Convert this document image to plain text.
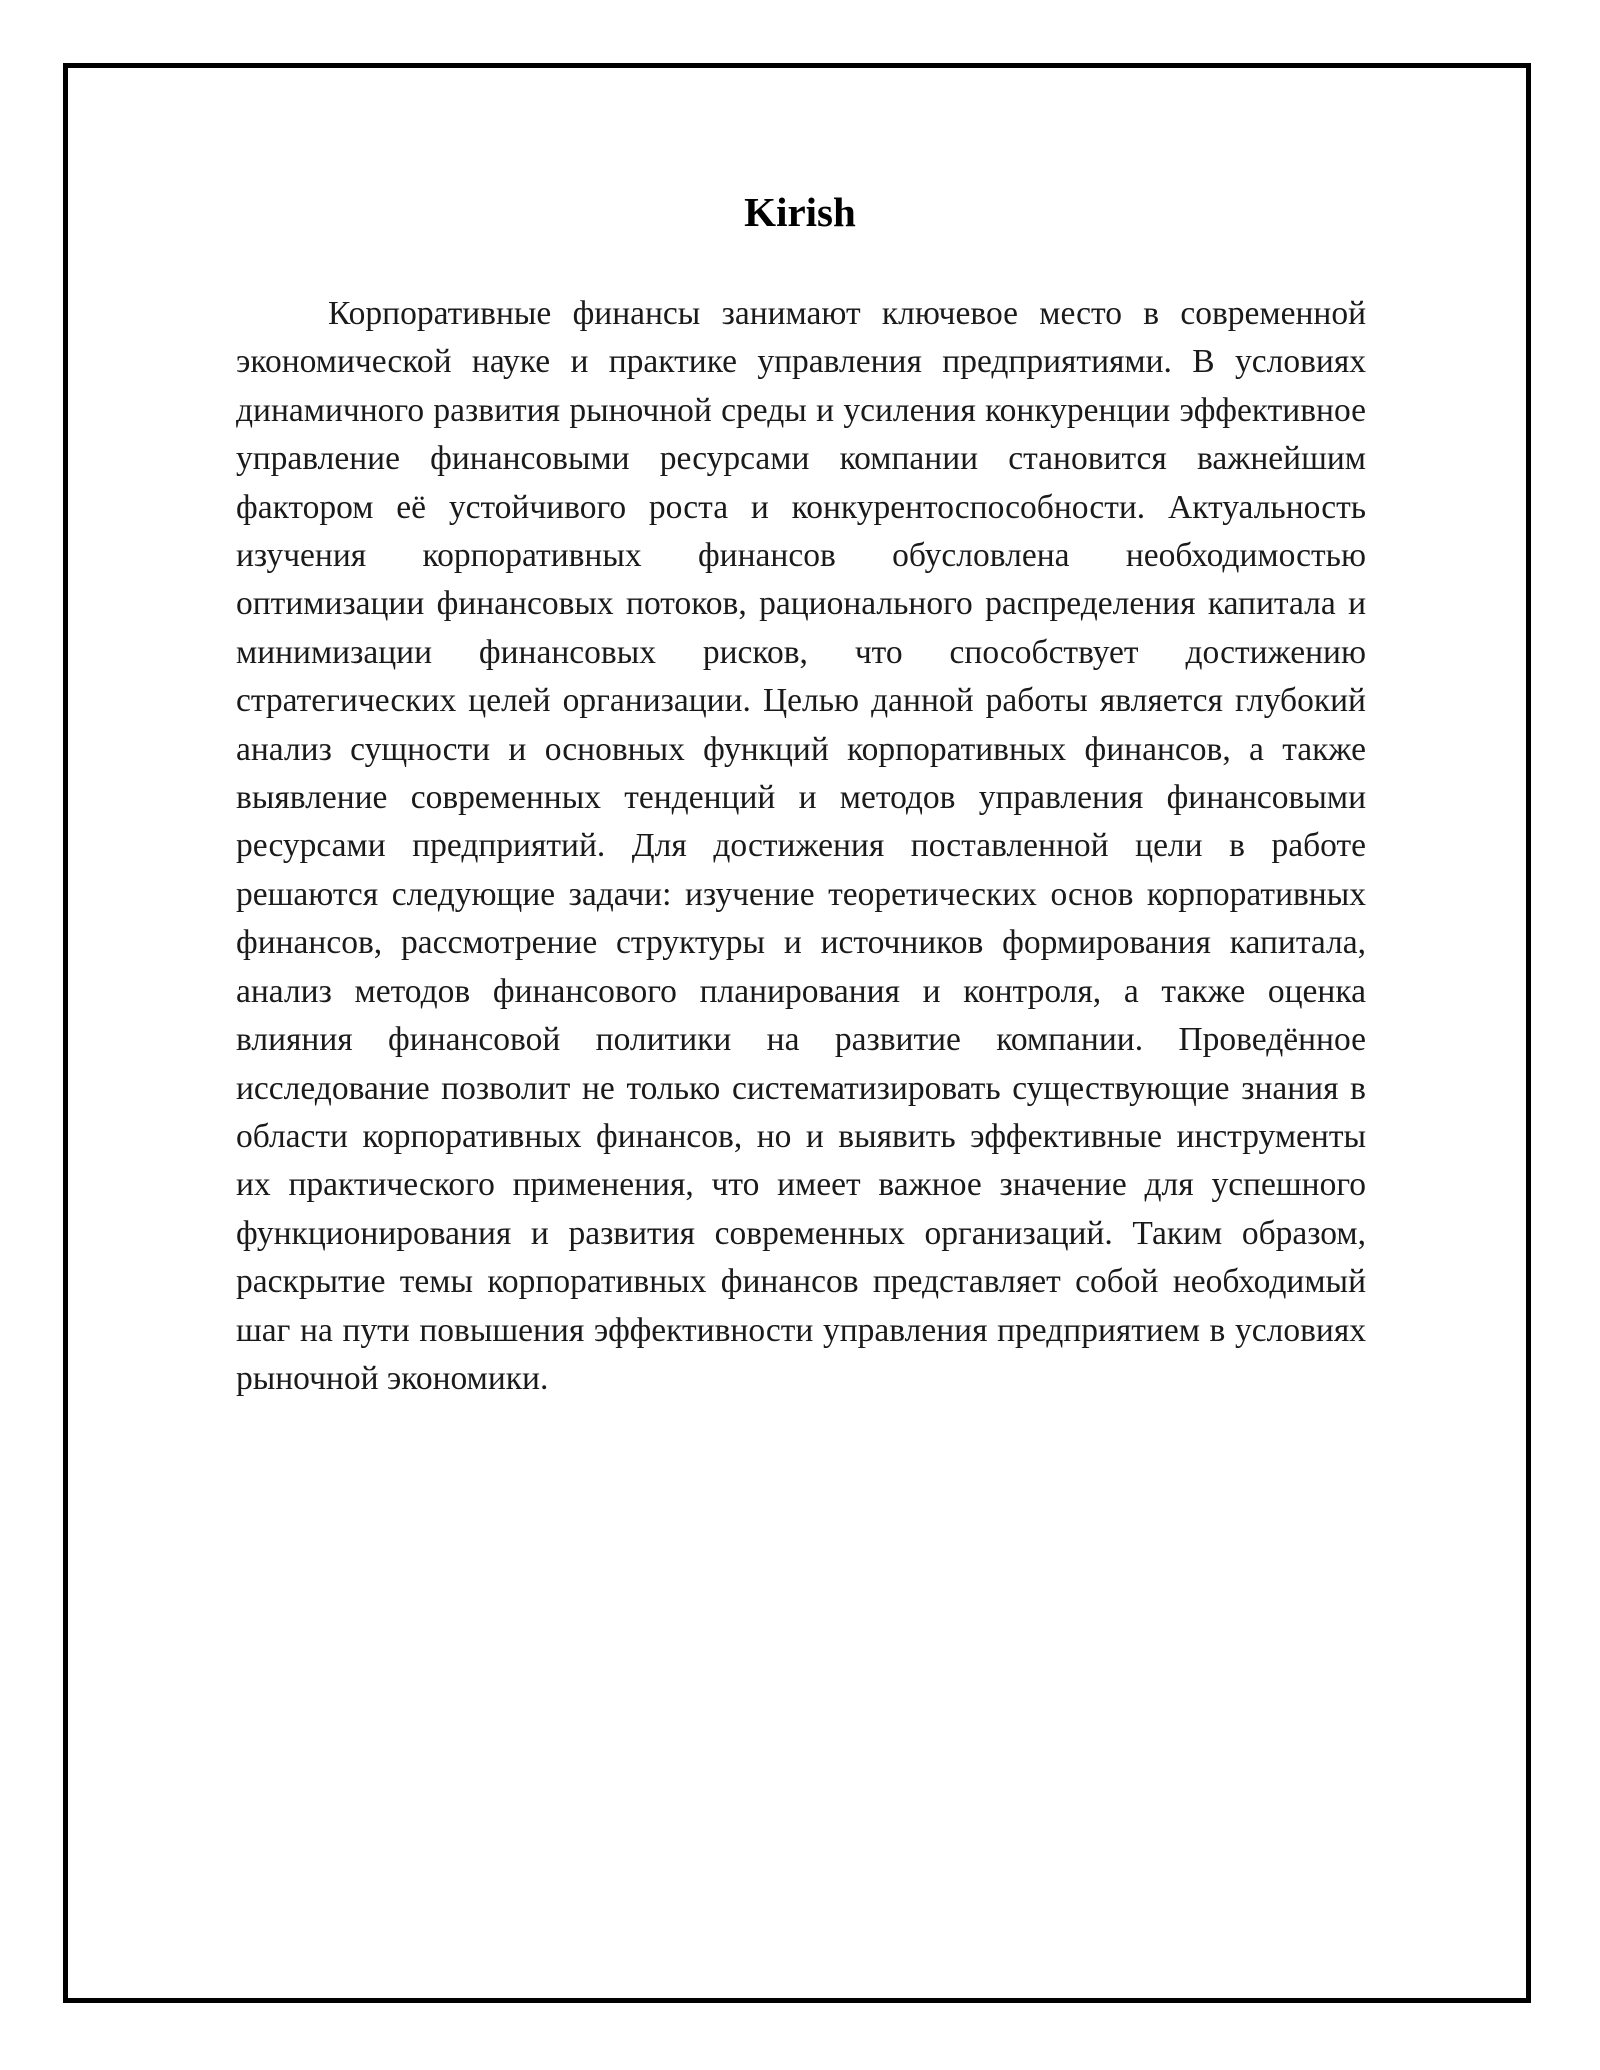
Kirish

Корпоративные финансы занимают ключевое место в современной экономической науке и практике управления предприятиями. В условиях динамичного развития рыночной среды и усиления конкуренции эффективное управление финансовыми ресурсами компании становится важнейшим фактором её устойчивого роста и конкурентоспособности. Актуальность изучения корпоративных финансов обусловлена необходимостью оптимизации финансовых потоков, рационального распределения капитала и минимизации финансовых рисков, что способствует достижению стратегических целей организации. Целью данной работы является глубокий анализ сущности и основных функций корпоративных финансов, а также выявление современных тенденций и методов управления финансовыми ресурсами предприятий. Для достижения поставленной цели в работе решаются следующие задачи: изучение теоретических основ корпоративных финансов, рассмотрение структуры и источников формирования капитала, анализ методов финансового планирования и контроля, а также оценка влияния финансовой политики на развитие компании. Проведённое исследование позволит не только систематизировать существующие знания в области корпоративных финансов, но и выявить эффективные инструменты их практического применения, что имеет важное значение для успешного функционирования и развития современных организаций. Таким образом, раскрытие темы корпоративных финансов представляет собой необходимый шаг на пути повышения эффективности управления предприятием в условиях рыночной экономики.
